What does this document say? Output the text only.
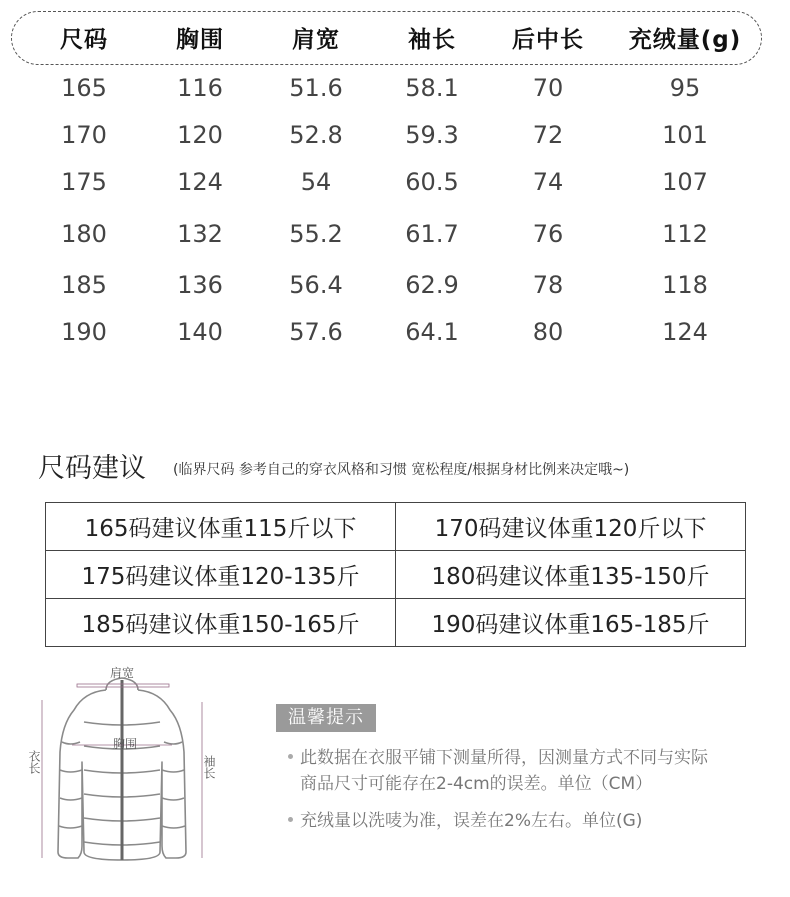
尺码	胸围	肩宽	袖长	后中长	充绒量(g)
165	116	51.6	58.1	70	95
170	120	52.8	59.3	72	101
175	124	54	60.5	74	107
180	132	55.2	61.7	76	112
185	136	56.4	62.9	78	118
190	140	57.6	64.1	80	124
尺码建议 (临界尺码 参考自己的穿衣风格和习惯 宽松程度/根据身材比例来决定哦~)
165码建议体重115斤以下	170码建议体重120斤以下
175码建议体重120-135斤	180码建议体重135-150斤
185码建议体重150-165斤	190码建议体重165-185斤
肩宽
胸围
衣长	袖长
温馨提示
此数据在衣服平铺下测量所得，因测量方式不同与实际
商品尺寸可能存在2-4cm的误差。单位（CM）
充绒量以洗唛为准，误差在2%左右。单位(G)
